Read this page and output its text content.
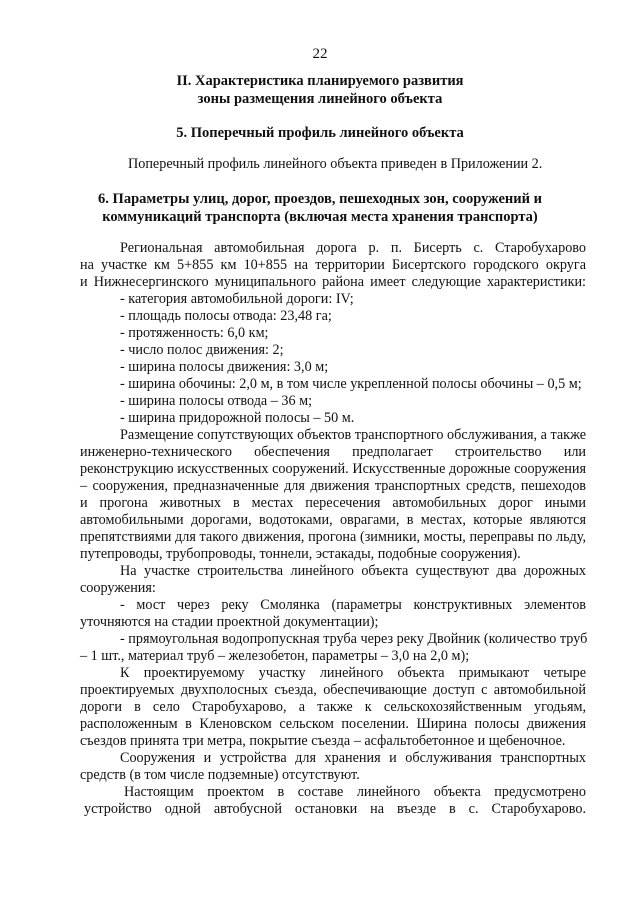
22
II. Характеристика планируемого развития
зоны размещения линейного объекта
5. Поперечный профиль линейного объекта
Поперечный профиль линейного объекта приведен в Приложении 2.
6. Параметры улиц, дорог, проездов, пешеходных зон, сооружений и
коммуникаций транспорта (включая места хранения транспорта)
Региональная автомобильная дорога р. п. Бисерть с. Старобухарово
на участке км 5+855 км 10+855 на территории Бисертского городского округа
и Нижнесергинского муниципального района имеет следующие характеристики:
- категория автомобильной дороги: IV;
- площадь полосы отвода: 23,48 га;
- протяженность: 6,0 км;
- число полос движения: 2;
- ширина полосы движения: 3,0 м;
- ширина обочины: 2,0 м, в том числе укрепленной полосы обочины – 0,5 м;
- ширина полосы отвода – 36 м;
- ширина придорожной полосы – 50 м.
Размещение сопутствующих объектов транспортного обслуживания, а также
инженерно-технического обеспечения предполагает строительство или
реконструкцию искусственных сооружений. Искусственные дорожные сооружения
– сооружения, предназначенные для движения транспортных средств, пешеходов
и прогона животных в местах пересечения автомобильных дорог иными
автомобильными дорогами, водотоками, оврагами, в местах, которые являются
препятствиями для такого движения, прогона (зимники, мосты, переправы по льду,
путепроводы, трубопроводы, тоннели, эстакады, подобные сооружения).
На участке строительства линейного объекта существуют два дорожных
сооружения:
- мост через реку Смолянка (параметры конструктивных элементов
уточняются на стадии проектной документации);
- прямоугольная водопропускная труба через реку Двойник (количество труб
– 1 шт., материал труб – железобетон, параметры – 3,0 на 2,0 м);
К проектируемому участку линейного объекта примыкают четыре
проектируемых двухполосных съезда, обеспечивающие доступ с автомобильной
дороги в село Старобухарово, а также к сельскохозяйственным угодьям,
расположенным в Кленовском сельском поселении. Ширина полосы движения
съездов принята три метра, покрытие съезда – асфальтобетонное и щебеночное.
Сооружения и устройства для хранения и обслуживания транспортных
средств (в том числе подземные) отсутствуют.
Настоящим проектом в составе линейного объекта предусмотрено
устройство одной автобусной остановки на въезде в с. Старобухарово.
